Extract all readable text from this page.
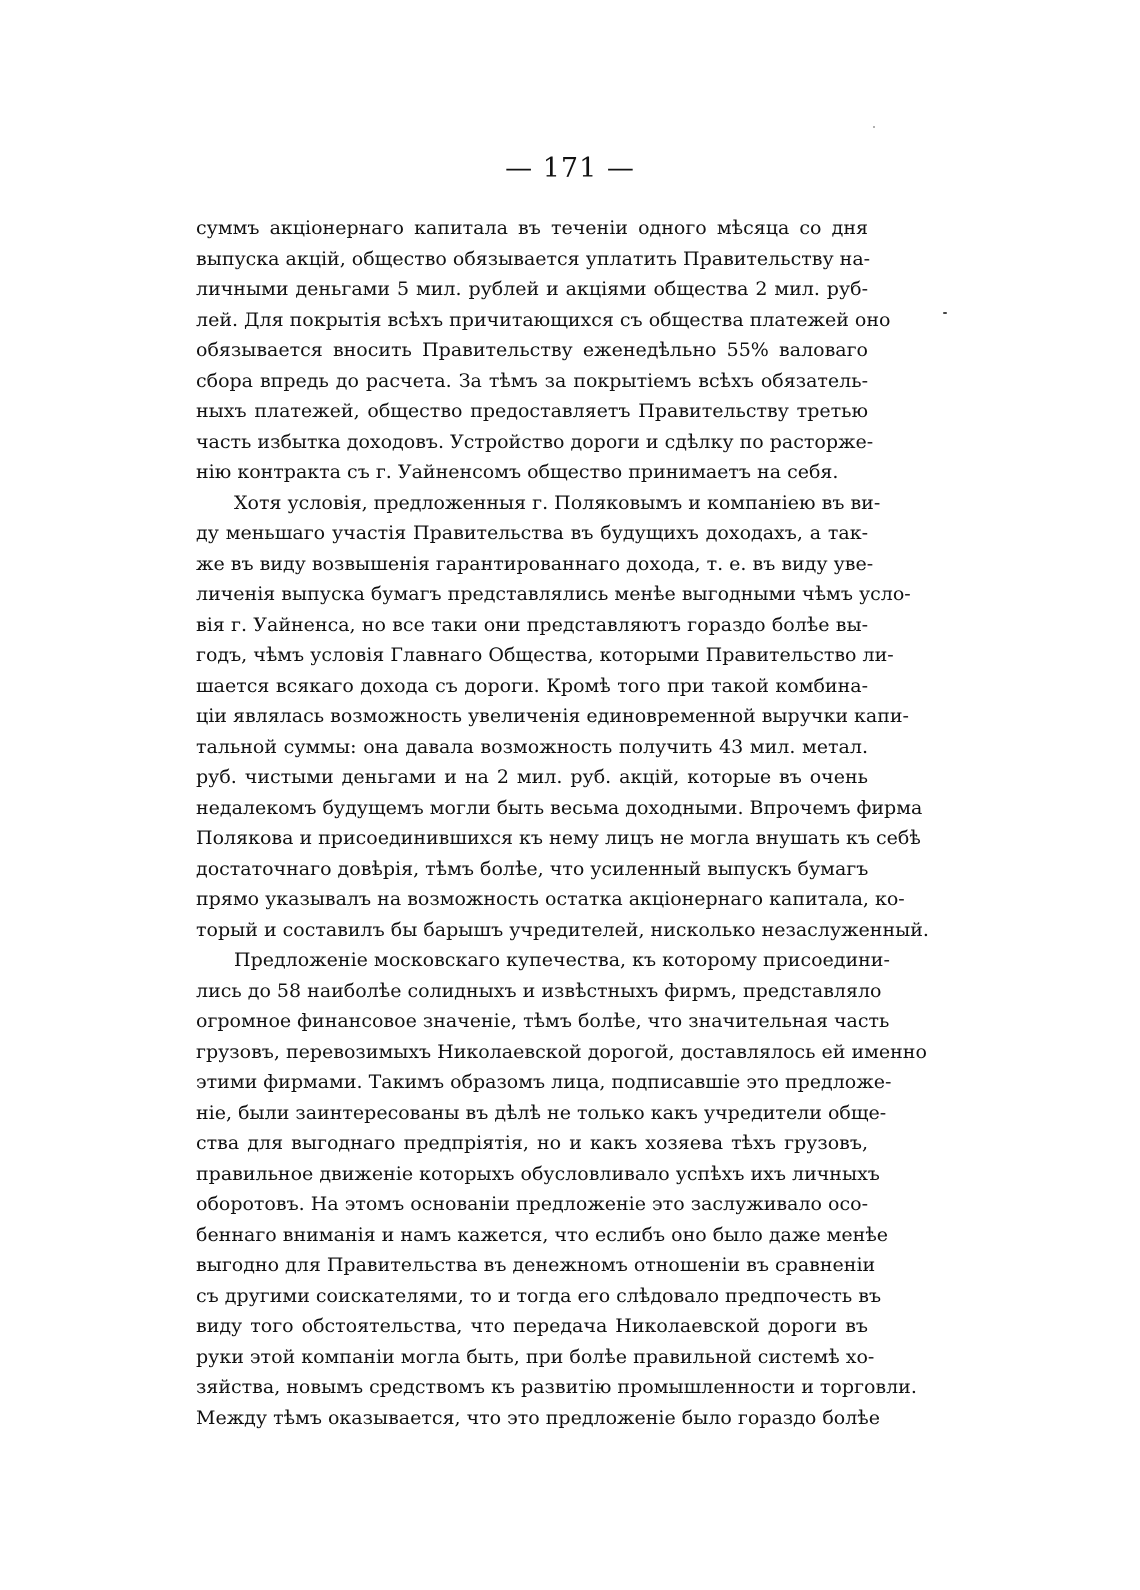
— 171 —
суммъ акціонернаго капитала въ теченіи одного мѣсяца со дня
выпуска акцій, общество обязывается уплатить Правительству на-
личными деньгами 5 мил. рублей и акціями общества 2 мил. руб-
лей. Для покрытія всѣхъ причитающихся съ общества платежей оно
обязывается вносить Правительству еженедѣльно 55% валоваго
сбора впредь до расчета. За тѣмъ за покрытіемъ всѣхъ обязатель-
ныхъ платежей, общество предоставляетъ Правительству третью
часть избытка доходовъ. Устройство дороги и сдѣлку по расторже-
нію контракта съ г. Уайненсомъ общество принимаетъ на себя.
Хотя условія, предложенныя г. Поляковымъ и компаніею въ ви-
ду меньшаго участія Правительства въ будущихъ доходахъ, а так-
же въ виду возвышенія гарантированнаго дохода, т. е. въ виду уве-
личенія выпуска бумагъ представлялись менѣе выгодными чѣмъ усло-
вія г. Уайненса, но все таки они представляютъ гораздо болѣе вы-
годъ, чѣмъ условія Главнаго Общества, которыми Правительство ли-
шается всякаго дохода съ дороги. Кромѣ того при такой комбина-
ціи являлась возможность увеличенія единовременной выручки капи-
тальной суммы: она давала возможность получить 43 мил. метал.
руб. чистыми деньгами и на 2 мил. руб. акцій, которые въ очень
недалекомъ будущемъ могли быть весьма доходными. Впрочемъ фирма
Полякова и присоединившихся къ нему лицъ не могла внушать къ себѣ
достаточнаго довѣрія, тѣмъ болѣе, что усиленный выпускъ бумагъ
прямо указывалъ на возможность остатка акціонернаго капитала, ко-
торый и составилъ бы барышъ учредителей, нисколько незаслуженный.
Предложеніе московскаго купечества, къ которому присоедини-
лись до 58 наиболѣе солидныхъ и извѣстныхъ фирмъ, представляло
огромное финансовое значеніе, тѣмъ болѣе, что значительная часть
грузовъ, перевозимыхъ Николаевской дорогой, доставлялось ей именно
этими фирмами. Такимъ образомъ лица, подписавшіе это предложе-
ніе, были заинтересованы въ дѣлѣ не только какъ учредители обще-
ства для выгоднаго предпріятія, но и какъ хозяева тѣхъ грузовъ,
правильное движеніе которыхъ обусловливало успѣхъ ихъ личныхъ
оборотовъ. На этомъ основаніи предложеніе это заслуживало осо-
беннаго вниманія и намъ кажется, что еслибъ оно было даже менѣе
выгодно для Правительства въ денежномъ отношеніи въ сравненіи
съ другими соискателями, то и тогда его слѣдовало предпочесть въ
виду того обстоятельства, что передача Николаевской дороги въ
руки этой компаніи могла быть, при болѣе правильной системѣ хо-
зяйства, новымъ средствомъ къ развитію промышленности и торговли.
Между тѣмъ оказывается, что это предложеніе было гораздо болѣе
